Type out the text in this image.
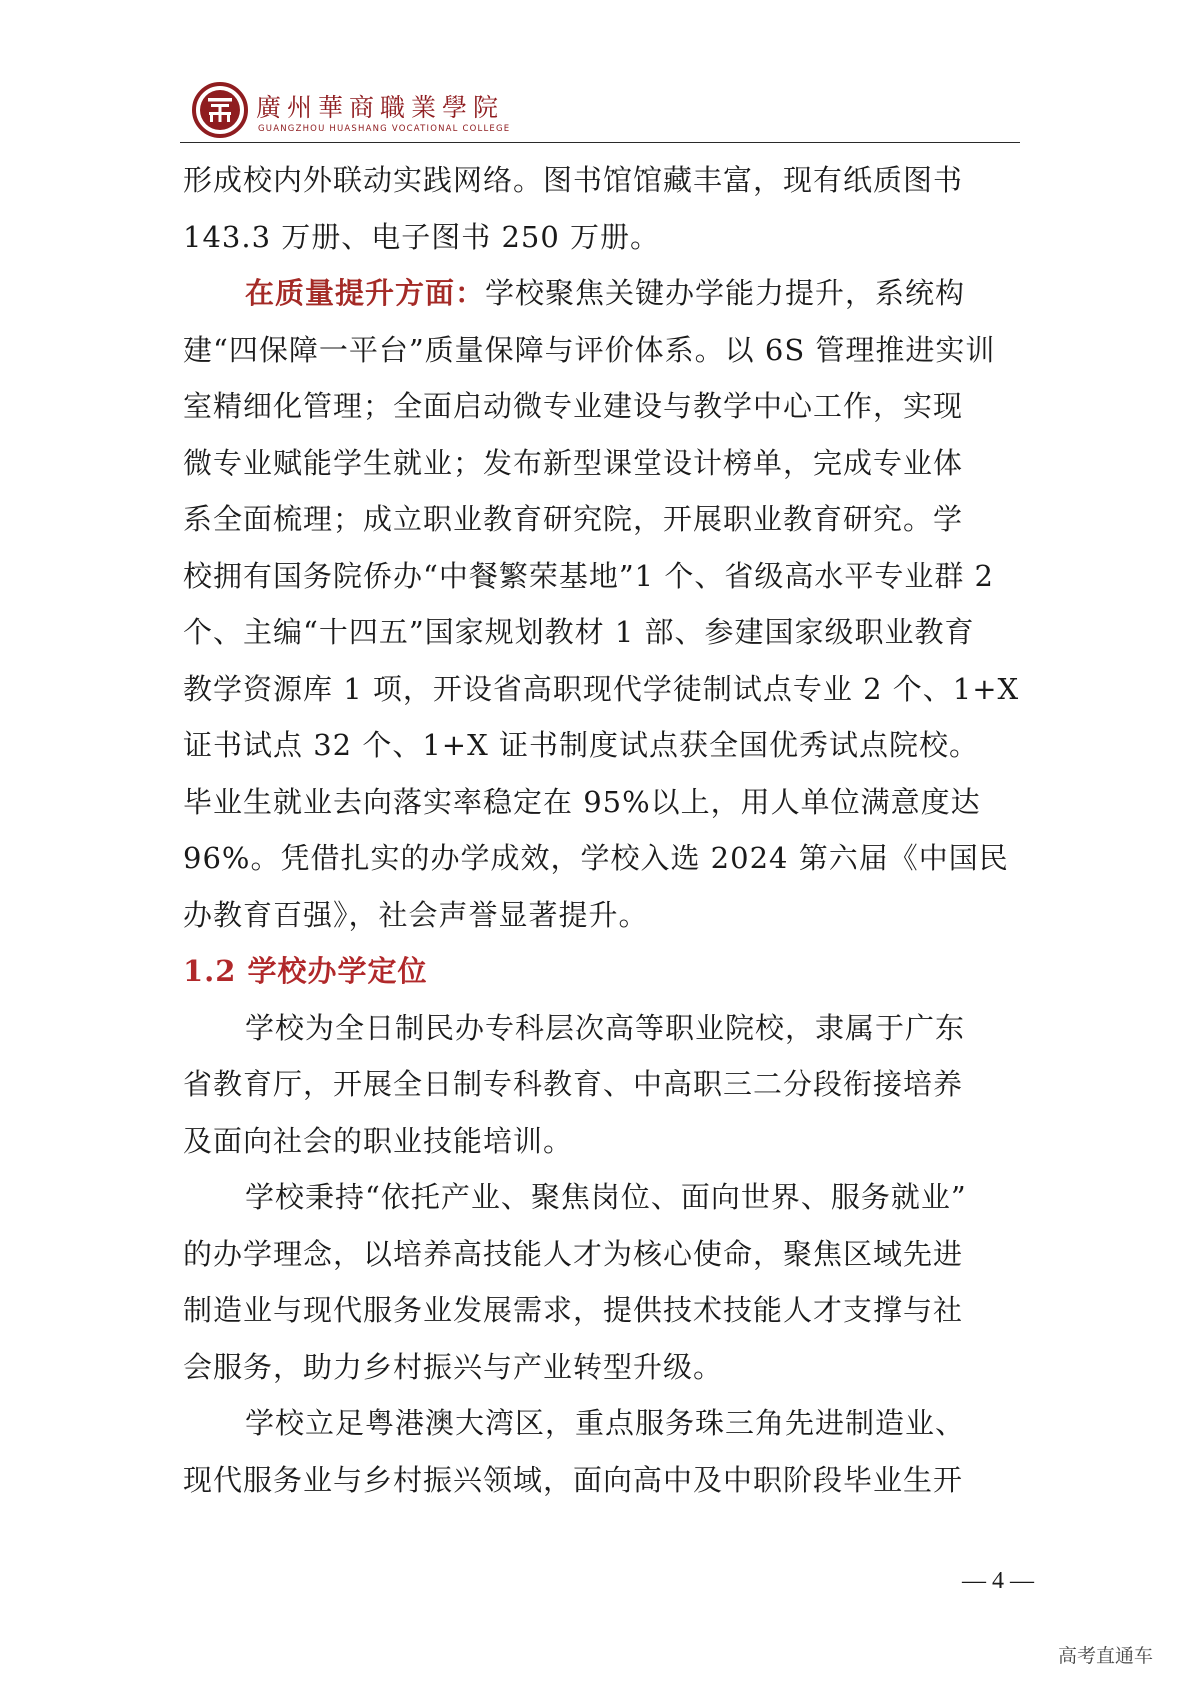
廣州華商職業學院
GUANGZHOU HUASHANG VOCATIONAL COLLEGE
形成校内外联动实践网络。图书馆馆藏丰富，现有纸质图书
143.3 万册、电子图书 250 万册。
在质量提升方面：学校聚焦关键办学能力提升，系统构
建“四保障一平台”质量保障与评价体系。以 6S 管理推进实训
室精细化管理；全面启动微专业建设与教学中心工作，实现
微专业赋能学生就业；发布新型课堂设计榜单，完成专业体
系全面梳理；成立职业教育研究院，开展职业教育研究。学
校拥有国务院侨办“中餐繁荣基地”1 个、省级高水平专业群 2
个、主编“十四五”国家规划教材 1 部、参建国家级职业教育
教学资源库 1 项，开设省高职现代学徒制试点专业 2 个、1+X
证书试点 32 个、1+X 证书制度试点获全国优秀试点院校。
毕业生就业去向落实率稳定在 95%以上，用人单位满意度达
96%。凭借扎实的办学成效，学校入选 2024 第六届《中国民
办教育百强》，社会声誉显著提升。
1.2 学校办学定位
学校为全日制民办专科层次高等职业院校，隶属于广东
省教育厅，开展全日制专科教育、中高职三二分段衔接培养
及面向社会的职业技能培训。
学校秉持“依托产业、聚焦岗位、面向世界、服务就业”
的办学理念，以培养高技能人才为核心使命，聚焦区域先进
制造业与现代服务业发展需求，提供技术技能人才支撑与社
会服务，助力乡村振兴与产业转型升级。
学校立足粤港澳大湾区，重点服务珠三角先进制造业、
现代服务业与乡村振兴领域，面向高中及中职阶段毕业生开
— 4 —
高考直通车
